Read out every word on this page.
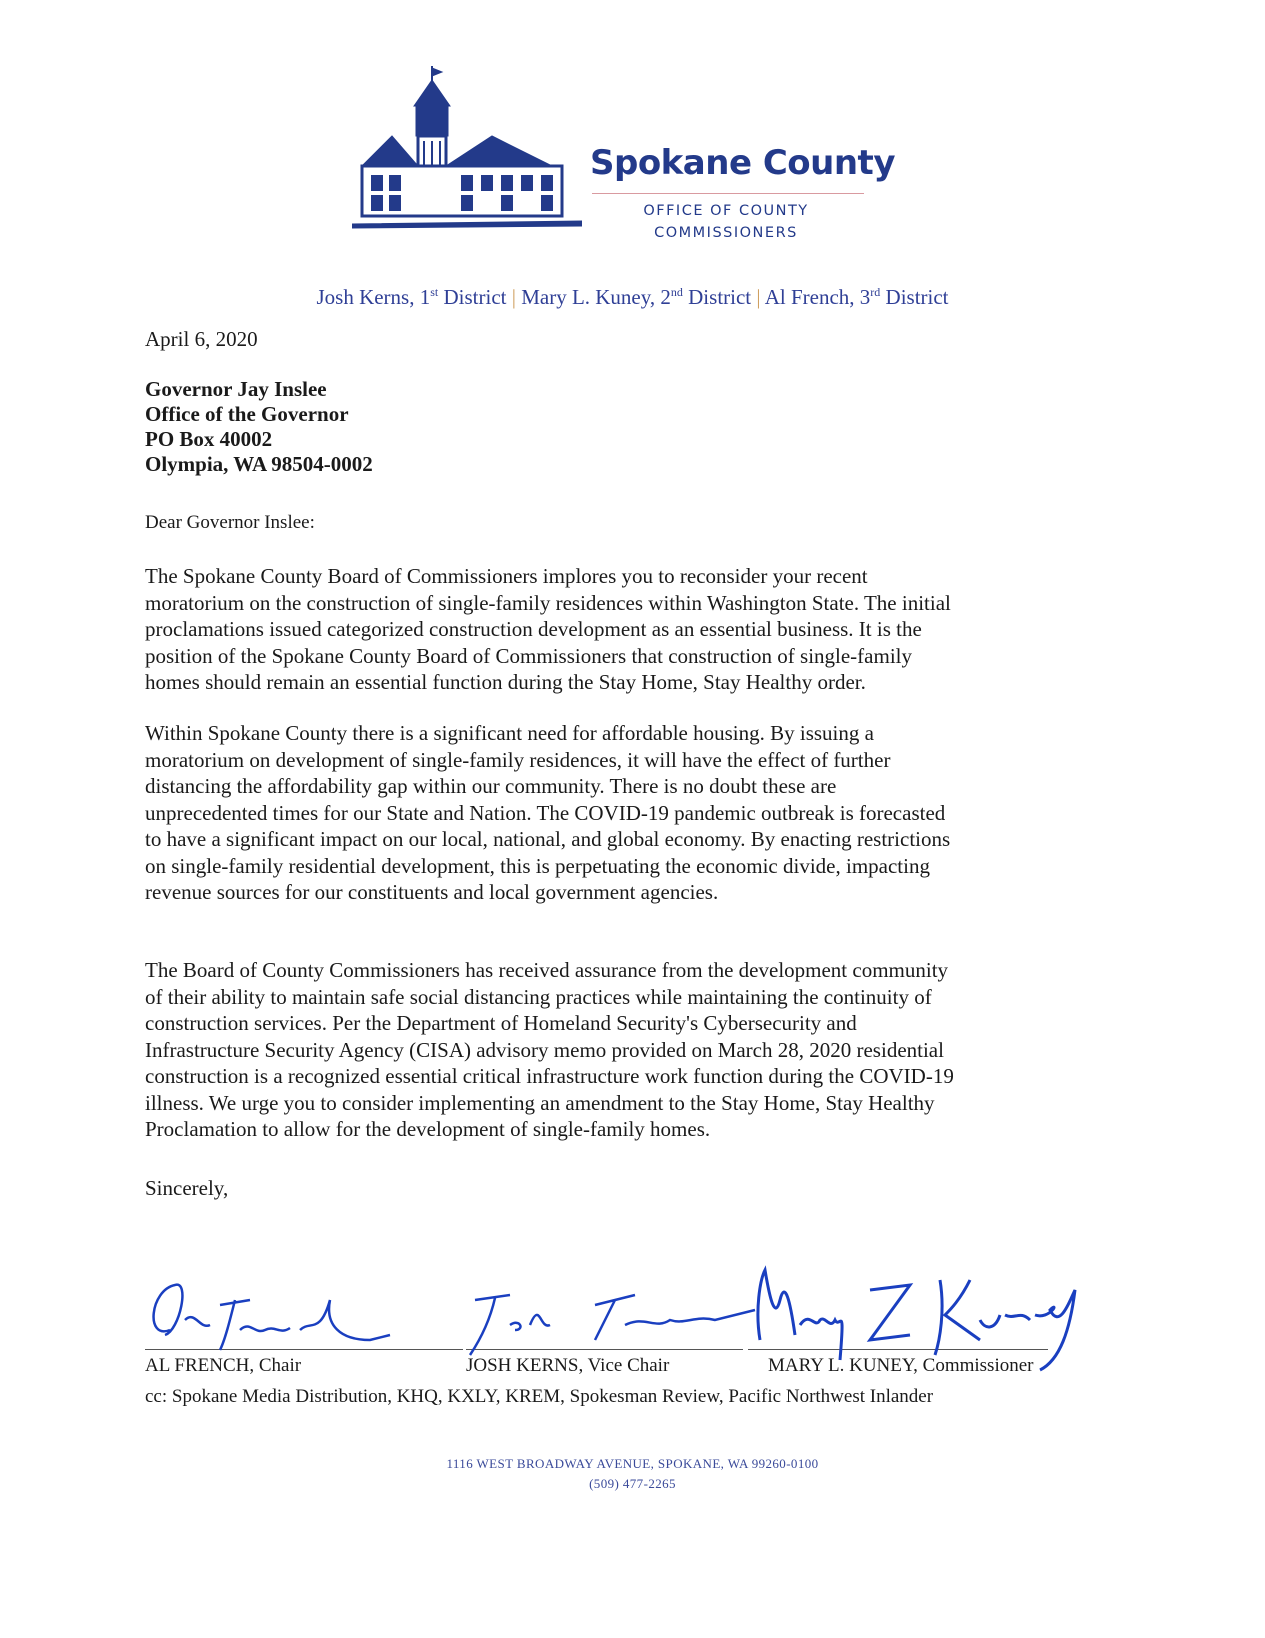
Spokane County
OFFICE OF COUNTY
COMMISSIONERS
Josh Kerns, 1st District | Mary L. Kuney, 2nd District | Al French, 3rd District
April 6, 2020
Governor Jay Inslee
Office of the Governor
PO Box 40002
Olympia, WA 98504-0002
Dear Governor Inslee:
The Spokane County Board of Commissioners implores you to reconsider your recent
moratorium on the construction of single-family residences within Washington State. The initial
proclamations issued categorized construction development as an essential business. It is the
position of the Spokane County Board of Commissioners that construction of single-family
homes should remain an essential function during the Stay Home, Stay Healthy order.
Within Spokane County there is a significant need for affordable housing. By issuing a
moratorium on development of single-family residences, it will have the effect of further
distancing the affordability gap within our community. There is no doubt these are
unprecedented times for our State and Nation. The COVID-19 pandemic outbreak is forecasted
to have a significant impact on our local, national, and global economy. By enacting restrictions
on single-family residential development, this is perpetuating the economic divide, impacting
revenue sources for our constituents and local government agencies.
The Board of County Commissioners has received assurance from the development community
of their ability to maintain safe social distancing practices while maintaining the continuity of
construction services. Per the Department of Homeland Security's Cybersecurity and
Infrastructure Security Agency (CISA) advisory memo provided on March 28, 2020 residential
construction is a recognized essential critical infrastructure work function during the COVID-19
illness. We urge you to consider implementing an amendment to the Stay Home, Stay Healthy
Proclamation to allow for the development of single-family homes.
Sincerely,
AL FRENCH, Chair	JOSH KERNS, Vice Chair	MARY L. KUNEY, Commissioner
cc: Spokane Media Distribution, KHQ, KXLY, KREM, Spokesman Review, Pacific Northwest Inlander
1116 WEST BROADWAY AVENUE, SPOKANE, WA 99260-0100
(509) 477-2265
